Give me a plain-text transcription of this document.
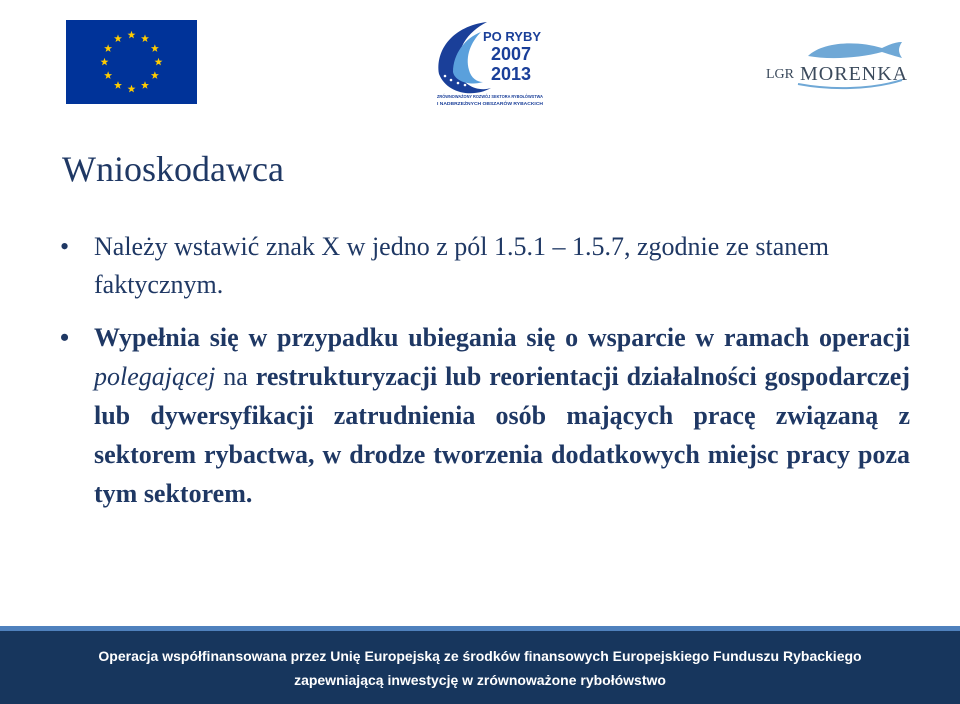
PO RYBY
2007
2013
ZRÓWNOWAŻONY ROZWÓJ SEKTORA RYBOŁÓWSTWA
I NADBRZEŻNYCH OBSZARÓW RYBACKICH
LGR MORENKA
Wnioskodawca
• Należy wstawić znak X w jedno z pól 1.5.1 – 1.5.7, zgodnie ze stanem faktycznym.
• Wypełnia się w przypadku ubiegania się o wsparcie w ramach operacji polegającej na restrukturyzacji lub reorientacji działalności gospodarczej lub dywersyfikacji zatrudnienia osób mających pracę związaną z sektorem rybactwa, w drodze tworzenia dodatkowych miejsc pracy poza tym sektorem.
Operacja współfinansowana przez Unię Europejską ze środków finansowych Europejskiego Funduszu Rybackiego
zapewniającą inwestycję w zrównoważone rybołówstwo
